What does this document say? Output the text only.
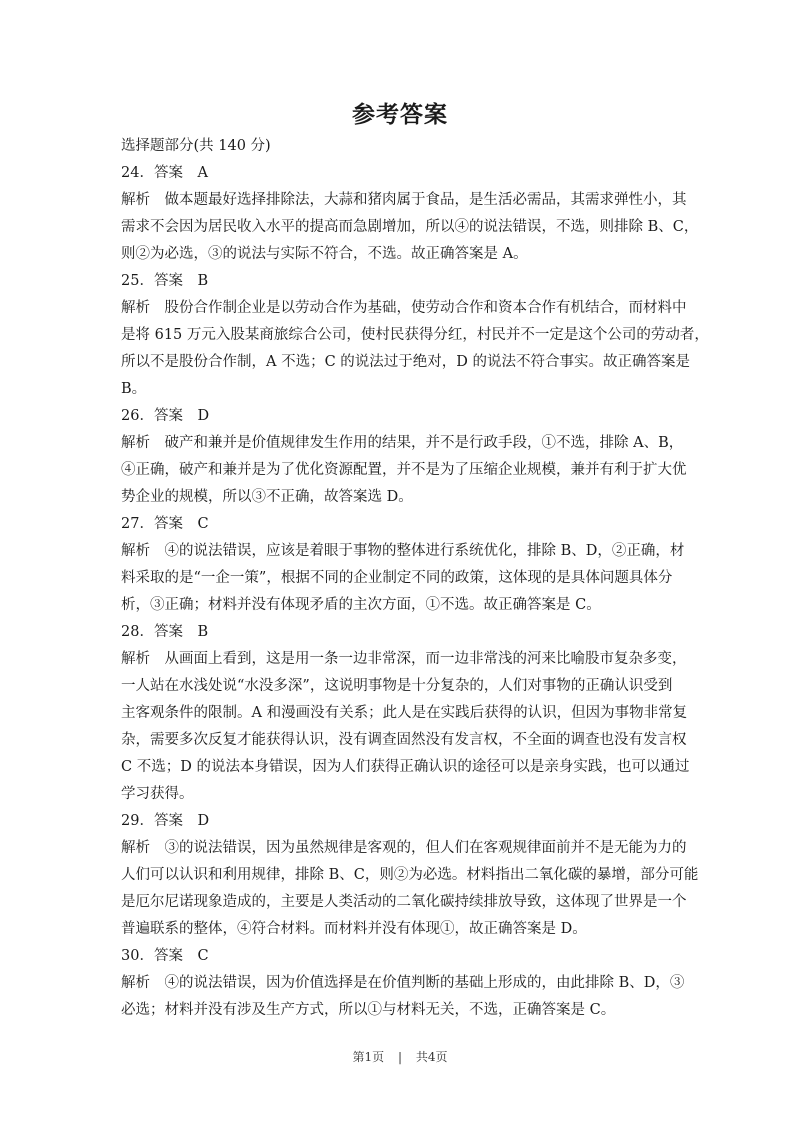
参考答案
选择题部分(共 140 分)
24．答案　A
解析　做本题最好选择排除法，大蒜和猪肉属于食品，是生活必需品，其需求弹性小，其
需求不会因为居民收入水平的提高而急剧增加，所以④的说法错误，不选，则排除 B、C，
则②为必选，③的说法与实际不符合，不选。故正确答案是 A。
25．答案　B
解析　股份合作制企业是以劳动合作为基础，使劳动合作和资本合作有机结合，而材料中
是将 615 万元入股某商旅综合公司，使村民获得分红，村民并不一定是这个公司的劳动者，
所以不是股份合作制，A 不选；C 的说法过于绝对，D 的说法不符合事实。故正确答案是
B。
26．答案　D
解析　破产和兼并是价值规律发生作用的结果，并不是行政手段，①不选，排除 A、B，
④正确，破产和兼并是为了优化资源配置，并不是为了压缩企业规模，兼并有利于扩大优
势企业的规模，所以③不正确，故答案选 D。
27．答案　C
解析　④的说法错误，应该是着眼于事物的整体进行系统优化，排除 B、D，②正确，材
料采取的是“一企一策”，根据不同的企业制定不同的政策，这体现的是具体问题具体分
析，③正确；材料并没有体现矛盾的主次方面，①不选。故正确答案是 C。
28．答案　B
解析　从画面上看到，这是用一条一边非常深，而一边非常浅的河来比喻股市复杂多变，
一人站在水浅处说“水没多深”，这说明事物是十分复杂的，人们对事物的正确认识受到
主客观条件的限制。A 和漫画没有关系；此人是在实践后获得的认识，但因为事物非常复
杂，需要多次反复才能获得认识，没有调查固然没有发言权，不全面的调查也没有发言权
C 不选；D 的说法本身错误，因为人们获得正确认识的途径可以是亲身实践，也可以通过
学习获得。
29．答案　D
解析　③的说法错误，因为虽然规律是客观的，但人们在客观规律面前并不是无能为力的
人们可以认识和利用规律，排除 B、C，则②为必选。材料指出二氧化碳的暴增，部分可能
是厄尔尼诺现象造成的，主要是人类活动的二氧化碳持续排放导致，这体现了世界是一个
普遍联系的整体，④符合材料。而材料并没有体现①，故正确答案是 D。
30．答案　C
解析　④的说法错误，因为价值选择是在价值判断的基础上形成的，由此排除 B、D，③
必选；材料并没有涉及生产方式，所以①与材料无关，不选，正确答案是 C。
第1页 | 共4页
